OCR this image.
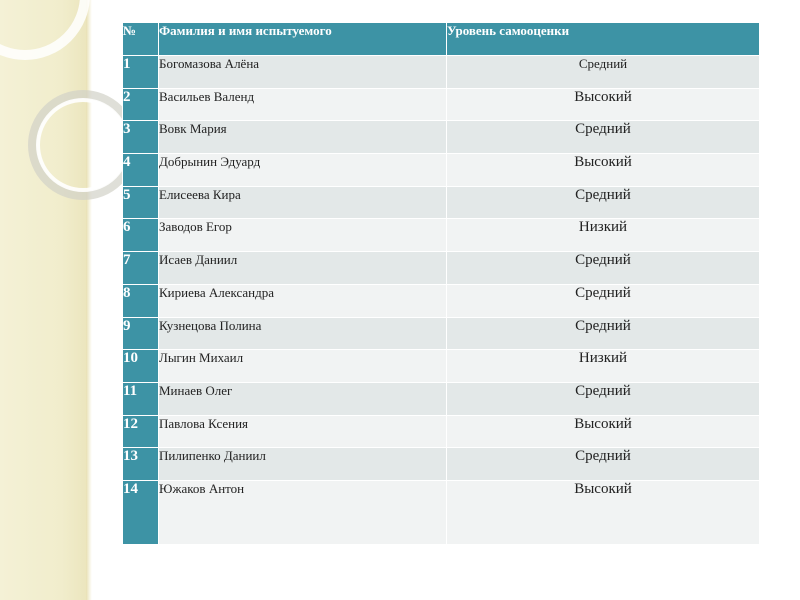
№	Фамилия и имя испытуемого	Уровень самооценки
1	Богомазова Алёна	Средний
2	Васильев Валенд	Высокий
3	Вовк Мария	Средний
4	Добрынин Эдуард	Высокий
5	Елисеева Кира	Средний
6	Заводов Егор	Низкий
7	Исаев Даниил	Средний
8	Кириева Александра	Средний
9	Кузнецова Полина	Средний
10	Лыгин Михаил	Низкий
11	Минаев Олег	Средний
12	Павлова Ксения	Высокий
13	Пилипенко Даниил	Средний
14	Южаков Антон	Высокий
